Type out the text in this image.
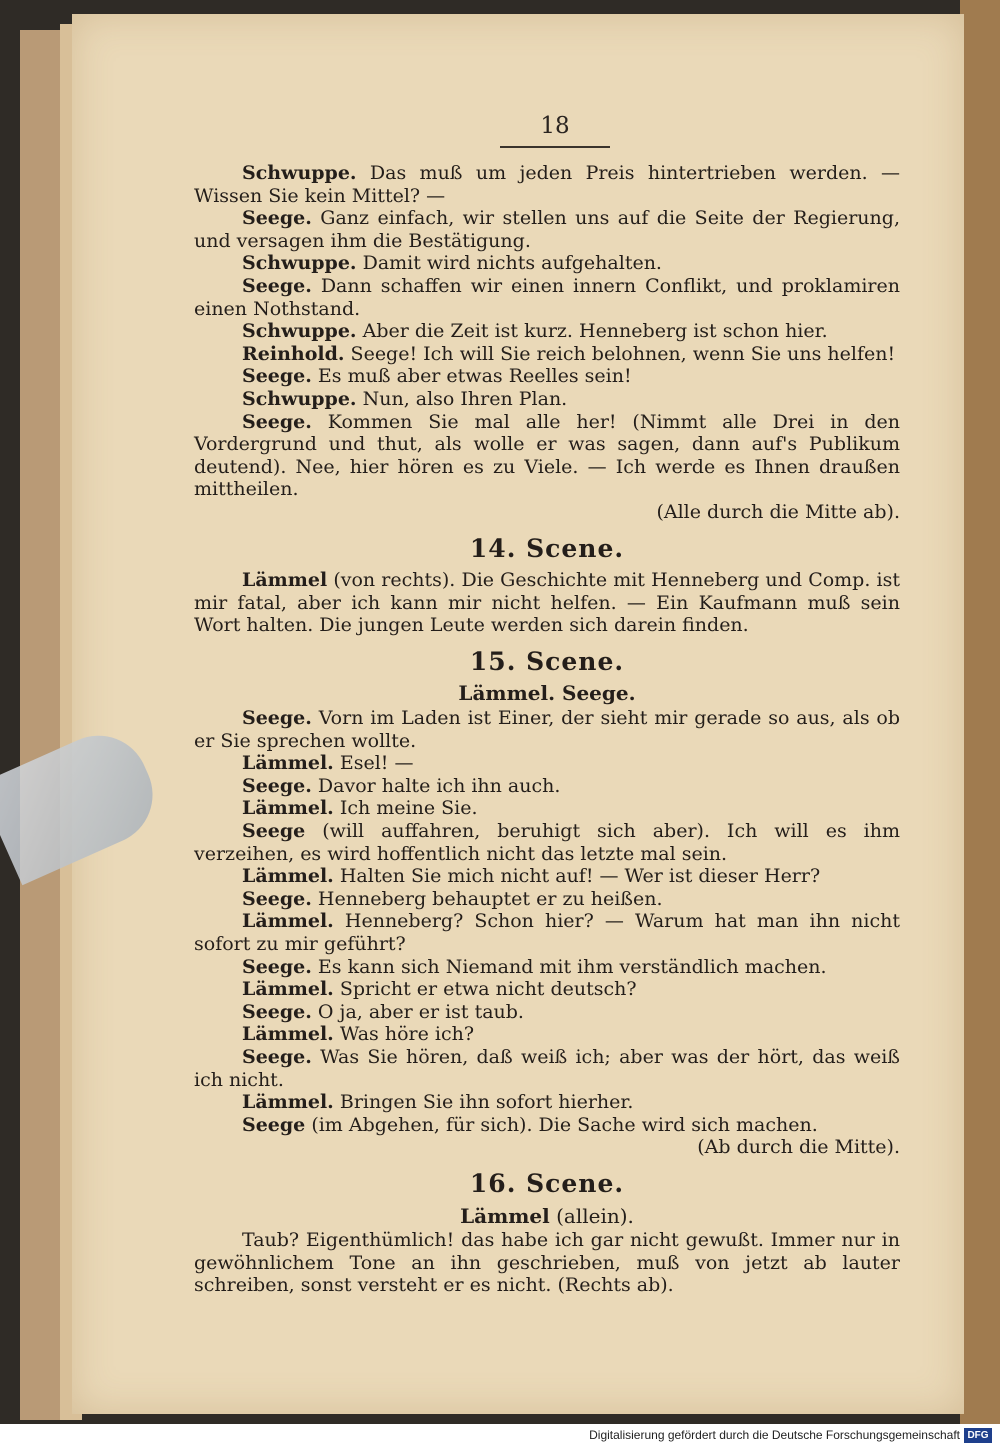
18

Schwuppe. Das muß um jeden Preis hintertrieben werden. — Wissen Sie kein Mittel? —

Seege. Ganz einfach, wir stellen uns auf die Seite der Regierung, und versagen ihm die Bestätigung.

Schwuppe. Damit wird nichts aufgehalten.

Seege. Dann schaffen wir einen innern Conflikt, und proklamiren einen Nothstand.

Schwuppe. Aber die Zeit ist kurz. Henneberg ist schon hier.

Reinhold. Seege! Ich will Sie reich belohnen, wenn Sie uns helfen!

Seege. Es muß aber etwas Reelles sein!

Schwuppe. Nun, also Ihren Plan.

Seege. Kommen Sie mal alle her! (Nimmt alle Drei in den Vordergrund und thut, als wolle er was sagen, dann auf's Publikum deutend). Nee, hier hören es zu Viele. — Ich werde es Ihnen draußen mittheilen.

(Alle durch die Mitte ab).

14. Scene.

Lämmel (von rechts). Die Geschichte mit Henneberg und Comp. ist mir fatal, aber ich kann mir nicht helfen. — Ein Kaufmann muß sein Wort halten. Die jungen Leute werden sich darein finden.

15. Scene.
Lämmel. Seege.

Seege. Vorn im Laden ist Einer, der sieht mir gerade so aus, als ob er Sie sprechen wollte.

Lämmel. Esel! —

Seege. Davor halte ich ihn auch.

Lämmel. Ich meine Sie.

Seege (will auffahren, beruhigt sich aber). Ich will es ihm verzeihen, es wird hoffentlich nicht das letzte mal sein.

Lämmel. Halten Sie mich nicht auf! — Wer ist dieser Herr?

Seege. Henneberg behauptet er zu heißen.

Lämmel. Henneberg? Schon hier? — Warum hat man ihn nicht sofort zu mir geführt?

Seege. Es kann sich Niemand mit ihm verständlich machen.

Lämmel. Spricht er etwa nicht deutsch?

Seege. O ja, aber er ist taub.

Lämmel. Was höre ich?

Seege. Was Sie hören, daß weiß ich; aber was der hört, das weiß ich nicht.

Lämmel. Bringen Sie ihn sofort hierher.

Seege (im Abgehen, für sich). Die Sache wird sich machen.

(Ab durch die Mitte).

16. Scene.
Lämmel (allein).

Taub? Eigenthümlich! das habe ich gar nicht gewußt. Immer nur in gewöhnlichem Tone an ihn geschrieben, muß von jetzt ab lauter schreiben, sonst versteht er es nicht. (Rechts ab).

Digitalisierung gefördert durch die Deutsche Forschungsgemeinschaft DFG
